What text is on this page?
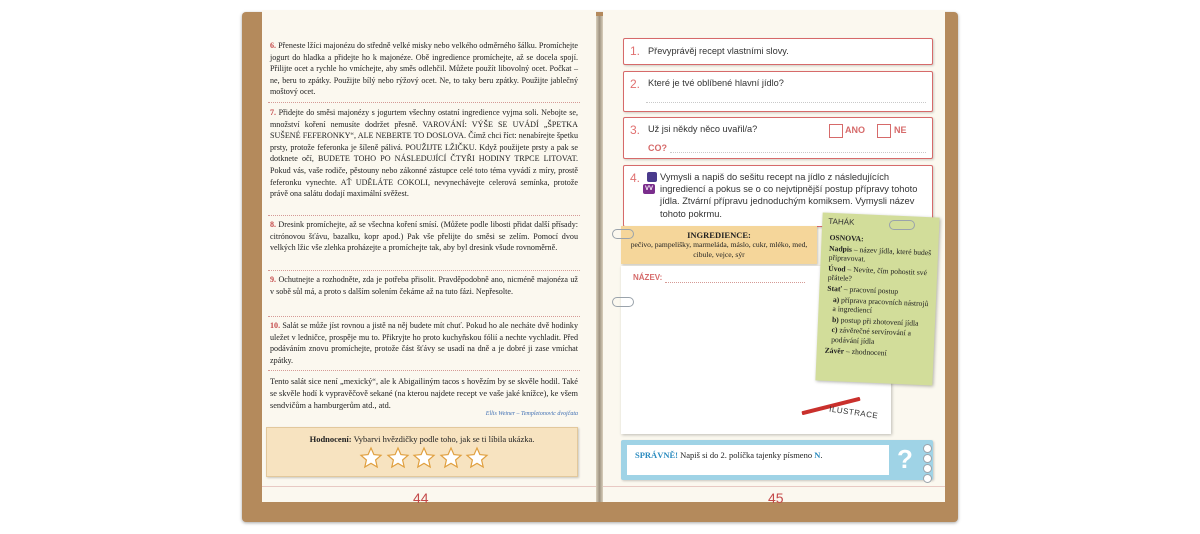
6. Přeneste lžíci majonézu do středně velké misky nebo velkého odměrného šálku. Promíchejte jogurt do hladka a přidejte ho k majonéze. Obě ingredience promíchejte, až se docela spojí. Přilijte ocet a rychle ho vmíchejte, aby směs odlehčil. Můžete použít libovolný ocet. Počkat – ne, beru to zpátky. Použijte bílý nebo rýžový ocet. Ne, to taky beru zpátky. Použijte jablečný moštový ocet.
7. Přidejte do směsi majonézy s jogurtem všechny ostatní ingredience vyjma soli. Nebojte se, množství koření nemusíte dodržet přesně. VAROVÁNÍ: VÝŠE SE UVÁDÍ „ŠPETKA SUŠENÉ FEFERONKY“, ALE NEBERTE TO DOSLOVA. Čímž chci říct: nenabírejte špetku prsty, protože feferonka je šíleně pálivá. POUŽIJTE LŽIČKU. Když použijete prsty a pak se dotknete očí, BUDETE TOHO PO NÁSLEDUJÍCÍ ČTYŘI HODINY TRPCE LITOVAT. Pokud vás, vaše rodiče, pěstouny nebo zákonné zástupce celé toto téma vyvádí z míry, prostě feferonku vynechte. AŤ UDĚLÁTE COKOLI, nevynechávejte celerová semínka, protože právě ona salátu dodají maximální svěžest.
8. Dresink promíchejte, až se všechna koření smísí. (Můžete podle libosti přidat další přísady: citrónovou šťávu, bazalku, kopr apod.) Pak vše přelijte do směsi se zelím. Pomocí dvou velkých lžic vše zlehka proházejte a promíchejte tak, aby byl dresink všude rovnoměrně.
9. Ochutnejte a rozhodněte, zda je potřeba přisolit. Pravděpodobně ano, nicméně majonéza už v sobě sůl má, a proto s dalším solením čekáme až na tuto fázi. Nepřesolte.
10. Salát se může jíst rovnou a jistě na něj budete mít chuť. Pokud ho ale necháte dvě hodinky uležet v ledničce, prospěje mu to. Přikryjte ho proto kuchyňskou fólií a nechte vychladit. Před podáváním znovu promíchejte, protože část šťávy se usadí na dně a je dobré ji zase vmíchat zpátky.
Tento salát sice není „mexický“, ale k Abigailiným tacos s hovězím by se skvěle hodil. Také se skvěle hodí k vypravěčově sekané (na kterou najdete recept ve vaše jaké knížce), ke všem sendvičům a hamburgerům atd., atd.
Ellis Weiner – Templetonovic dvojčata
Hodnocení: Vybarvi hvězdičky podle toho, jak se ti líbila ukázka.
44
1. Převyprávěj recept vlastními slovy.
2. Které je tvé oblíbené hlavní jídlo?
3. Už jsi někdy něco uvařil/a?	ANO	NE
CO?
4.
VV
Vymysli a napiš do sešitu recept na jídlo z následujících ingrediencí a pokus se o co nejvtipnější postup přípravy tohoto jídla. Ztvární přípravu jednoduchým komiksem. Vymysli název tohoto pokrmu.
INGREDIENCE:
pečivo, pampelišky, marmeláda, máslo, cukr, mléko, med, cibule, vejce, sýr
NÁZEV:
ILUSTRACE
TAHÁK
OSNOVA:
Nadpis – název jídla, které budeš připravovat.
Úvod – Nevíte, čím pohostit své přátele?
Stať – pracovní postup
a) příprava pracovních nástrojů a ingrediencí
b) postup při zhotovení jídla
c) závěrečné servírování a podávání jídla
Závěr – zhodnocení
SPRÁVNĚ! Napiš si do 2. políčka tajenky písmeno N.	?
45
